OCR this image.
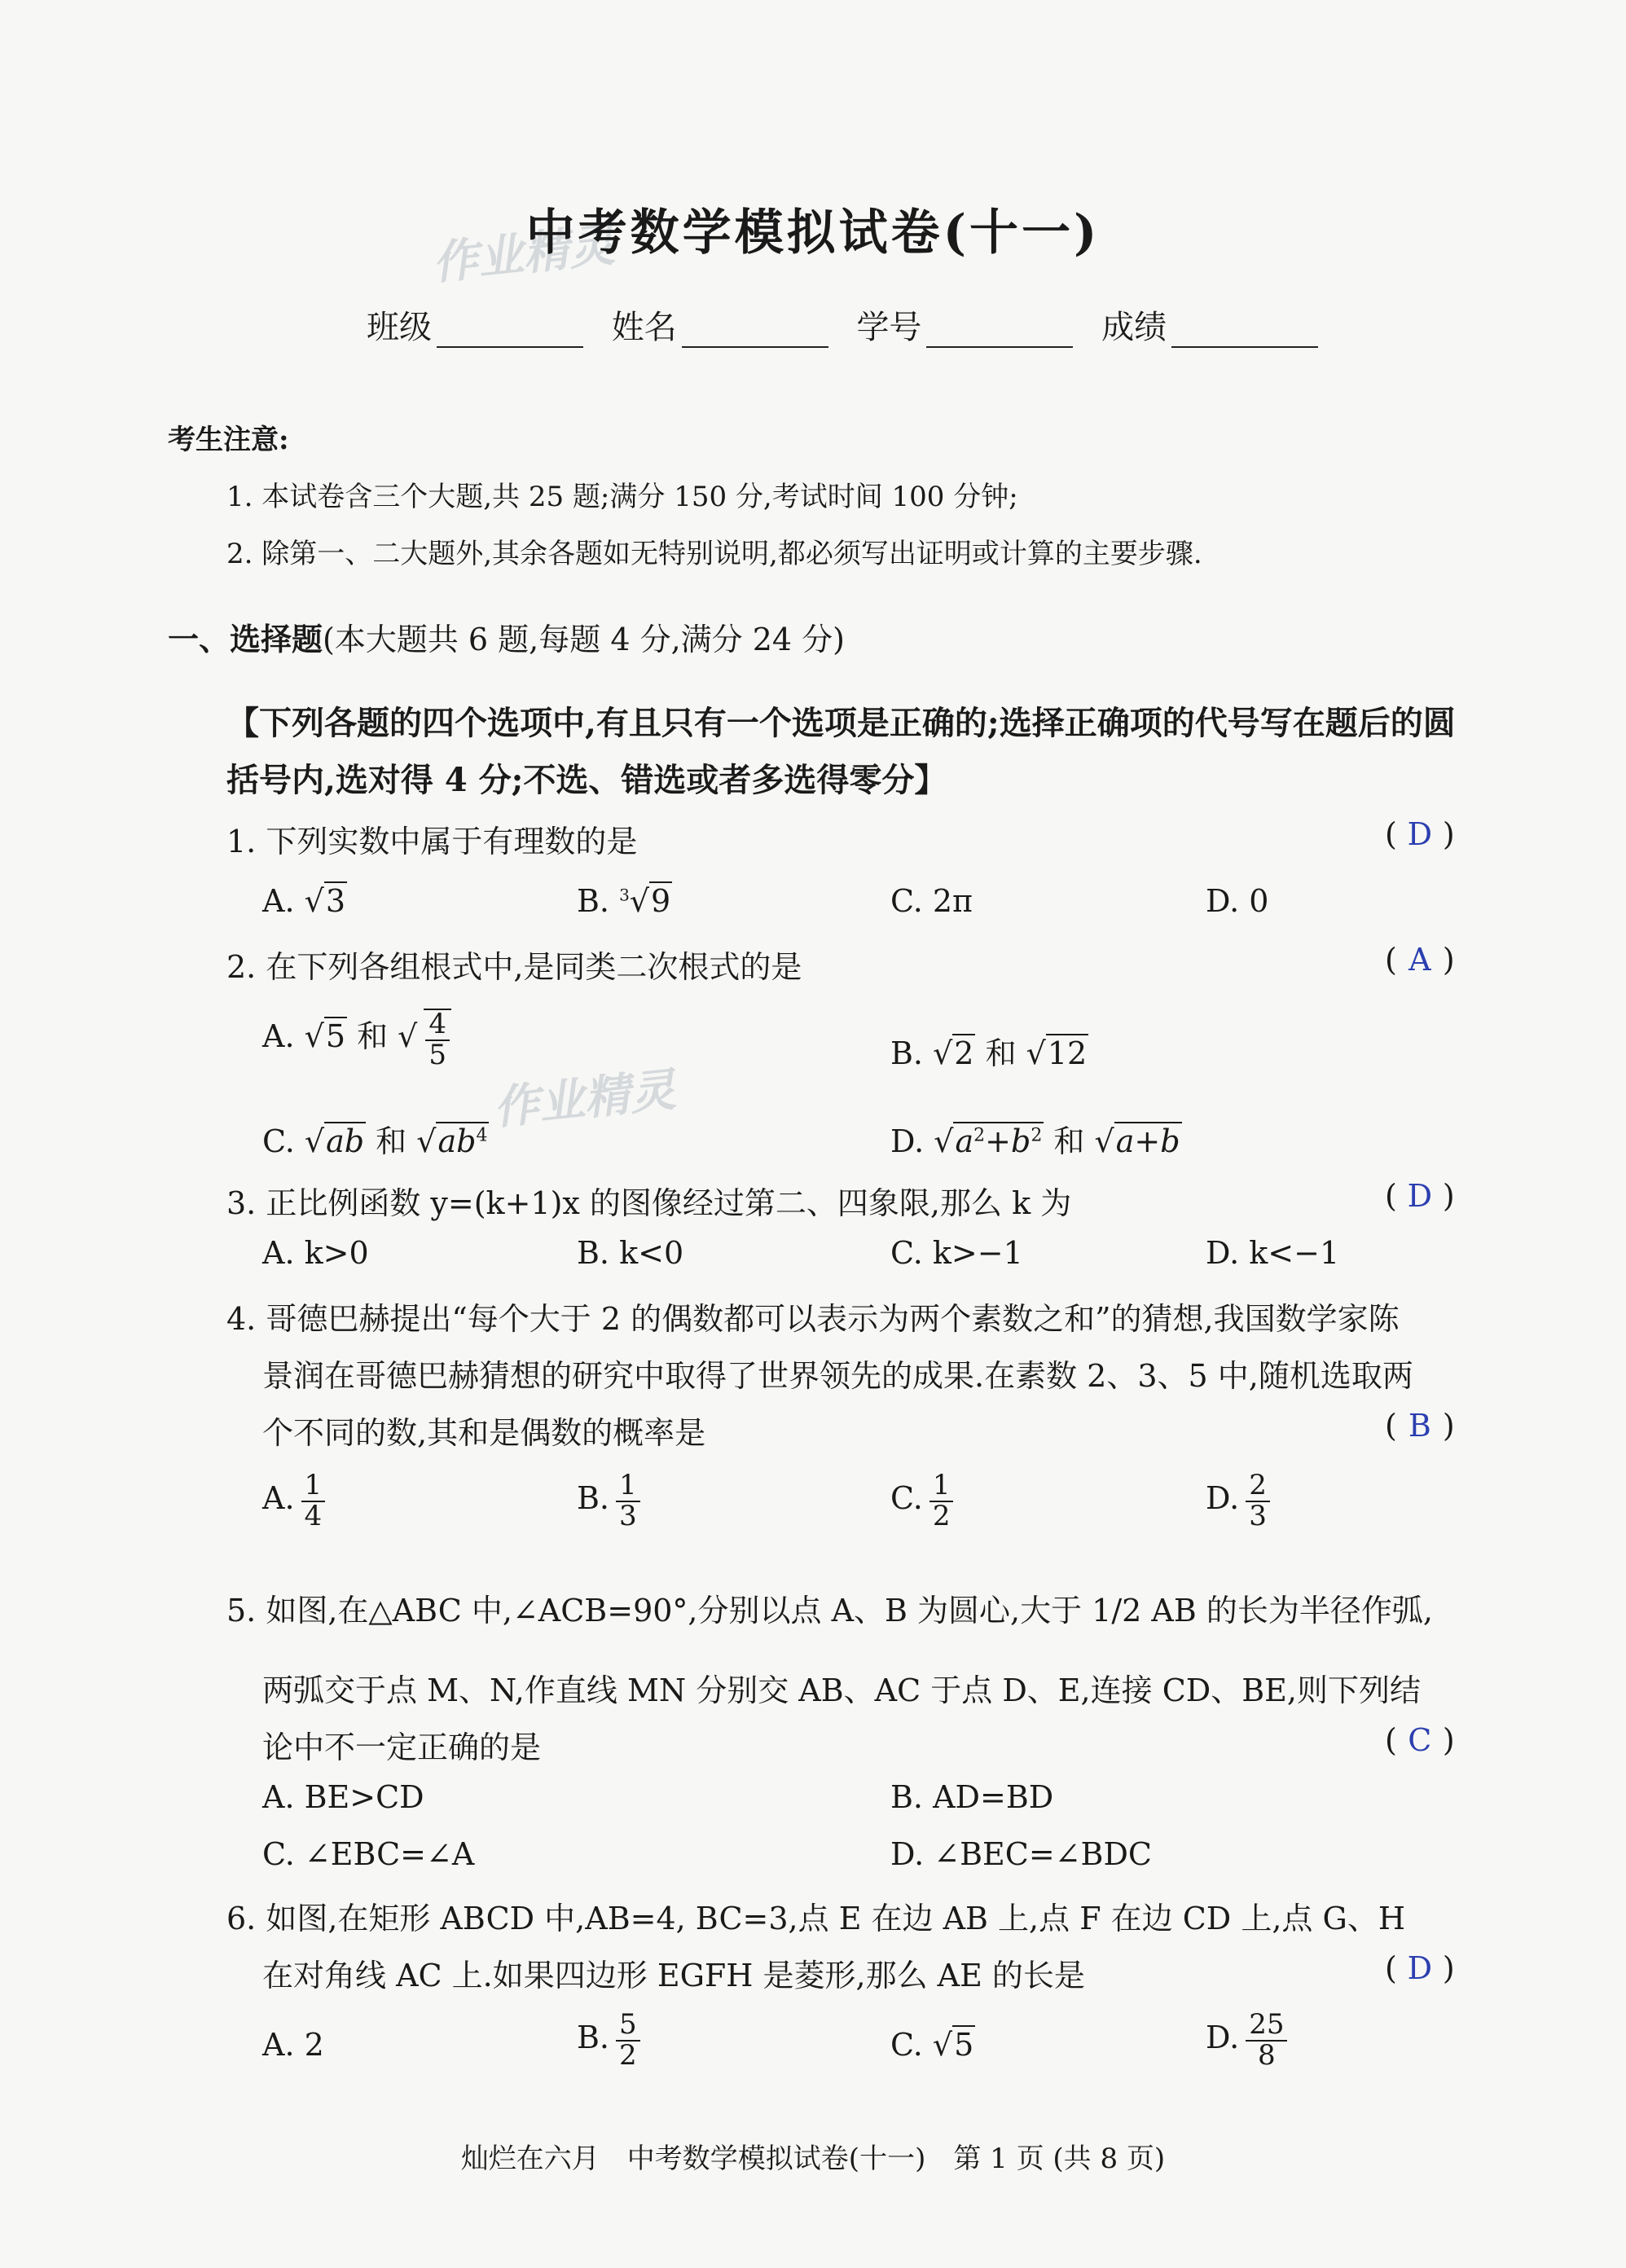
作业精灵
作业精灵
中考数学模拟试卷(十一)
班级	姓名	学号	成绩
考生注意:
1. 本试卷含三个大题,共 25 题;满分 150 分,考试时间 100 分钟;
2. 除第一、二大题外,其余各题如无特别说明,都必须写出证明或计算的主要步骤.
一、选择题(本大题共 6 题,每题 4 分,满分 24 分)
【下列各题的四个选项中,有且只有一个选项是正确的;选择正确项的代号写在题后的圆
括号内,选对得 4 分;不选、错选或者多选得零分】
1. 下列实数中属于有理数的是	( D )
A. √3	B. $^3$√9	C. 2π	D. 0
2. 在下列各组根式中,是同类二次根式的是	( A )
A. √5 和 √ $\frac{4}{5}$	B. √2 和 √12
C. √ab 和 $√ab^4$	D. $√a^2+b^2$ 和 √a+b
3. 正比例函数 y=(k+1)x 的图像经过第二、四象限,那么 k 为	( D )
A. k>0	B. k<0	C. k>−1	D. k<−1
4. 哥德巴赫提出“每个大于 2 的偶数都可以表示为两个素数之和”的猜想,我国数学家陈
景润在哥德巴赫猜想的研究中取得了世界领先的成果.在素数 2、3、5 中,随机选取两
个不同的数,其和是偶数的概率是	( B )
A. $\frac{1}{4}$	B. $\frac{1}{3}$	C. $\frac{1}{2}$	D. $\frac{2}{3}$
5. 如图,在△ABC 中,∠ACB=90°,分别以点 A、B 为圆心,大于 1/2 AB 的长为半径作弧,
两弧交于点 M、N,作直线 MN 分别交 AB、AC 于点 D、E,连接 CD、BE,则下列结
论中不一定正确的是	( C )
A. BE>CD	B. AD=BD
C. ∠EBC=∠A	D. ∠BEC=∠BDC
6. 如图,在矩形 ABCD 中,AB=4, BC=3,点 E 在边 AB 上,点 F 在边 CD 上,点 G、H
在对角线 AC 上.如果四边形 EGFH 是菱形,那么 AE 的长是	( D )
A. 2	B. $\frac{5}{2}$	C. √5	D. $\frac{25}{8}$
灿烂在六月　中考数学模拟试卷(十一)　第 1 页 (共 8 页)
